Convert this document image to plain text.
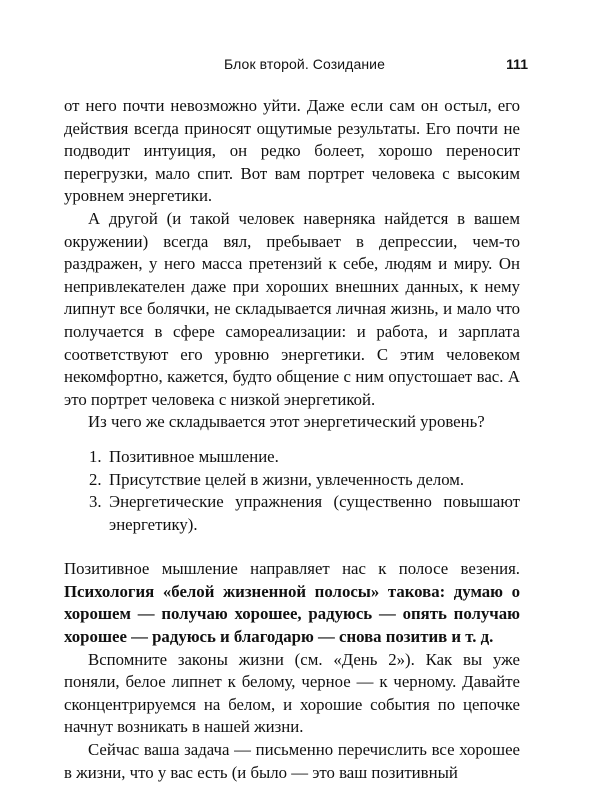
Блок второй. Созидание	111

от него почти невозможно уйти. Даже если сам он остыл, его действия всегда приносят ощутимые результаты. Его почти не подводит интуиция, он редко болеет, хорошо переносит перегрузки, мало спит. Вот вам портрет человека с высоким уровнем энергетики.

А другой (и такой человек наверняка найдется в вашем окружении) всегда вял, пребывает в депрессии, чем-то раздражен, у него масса претензий к себе, людям и миру. Он непривлекателен даже при хороших внешних данных, к нему липнут все болячки, не складывается личная жизнь, и мало что получается в сфере самореализации: и работа, и зарплата соответствуют его уровню энергетики. С этим человеком некомфортно, кажется, будто общение с ним опустошает вас. А это портрет человека с низкой энергетикой.

Из чего же складывается этот энергетический уровень?

1. Позитивное мышление.
2. Присутствие целей в жизни, увлеченность делом.
3. Энергетические упражнения (существенно повышают энергетику).

Позитивное мышление направляет нас к полосе везения. Психология «белой жизненной полосы» такова: думаю о хорошем — получаю хорошее, радуюсь — опять получаю хорошее — радуюсь и благодарю — снова позитив и т. д.

Вспомните законы жизни (см. «День 2»). Как вы уже поняли, белое липнет к белому, черное — к черному. Давайте сконцентрируемся на белом, и хорошие события по цепочке начнут возникать в нашей жизни.

Сейчас ваша задача — письменно перечислить все хорошее в жизни, что у вас есть (и было — это ваш позитивный
